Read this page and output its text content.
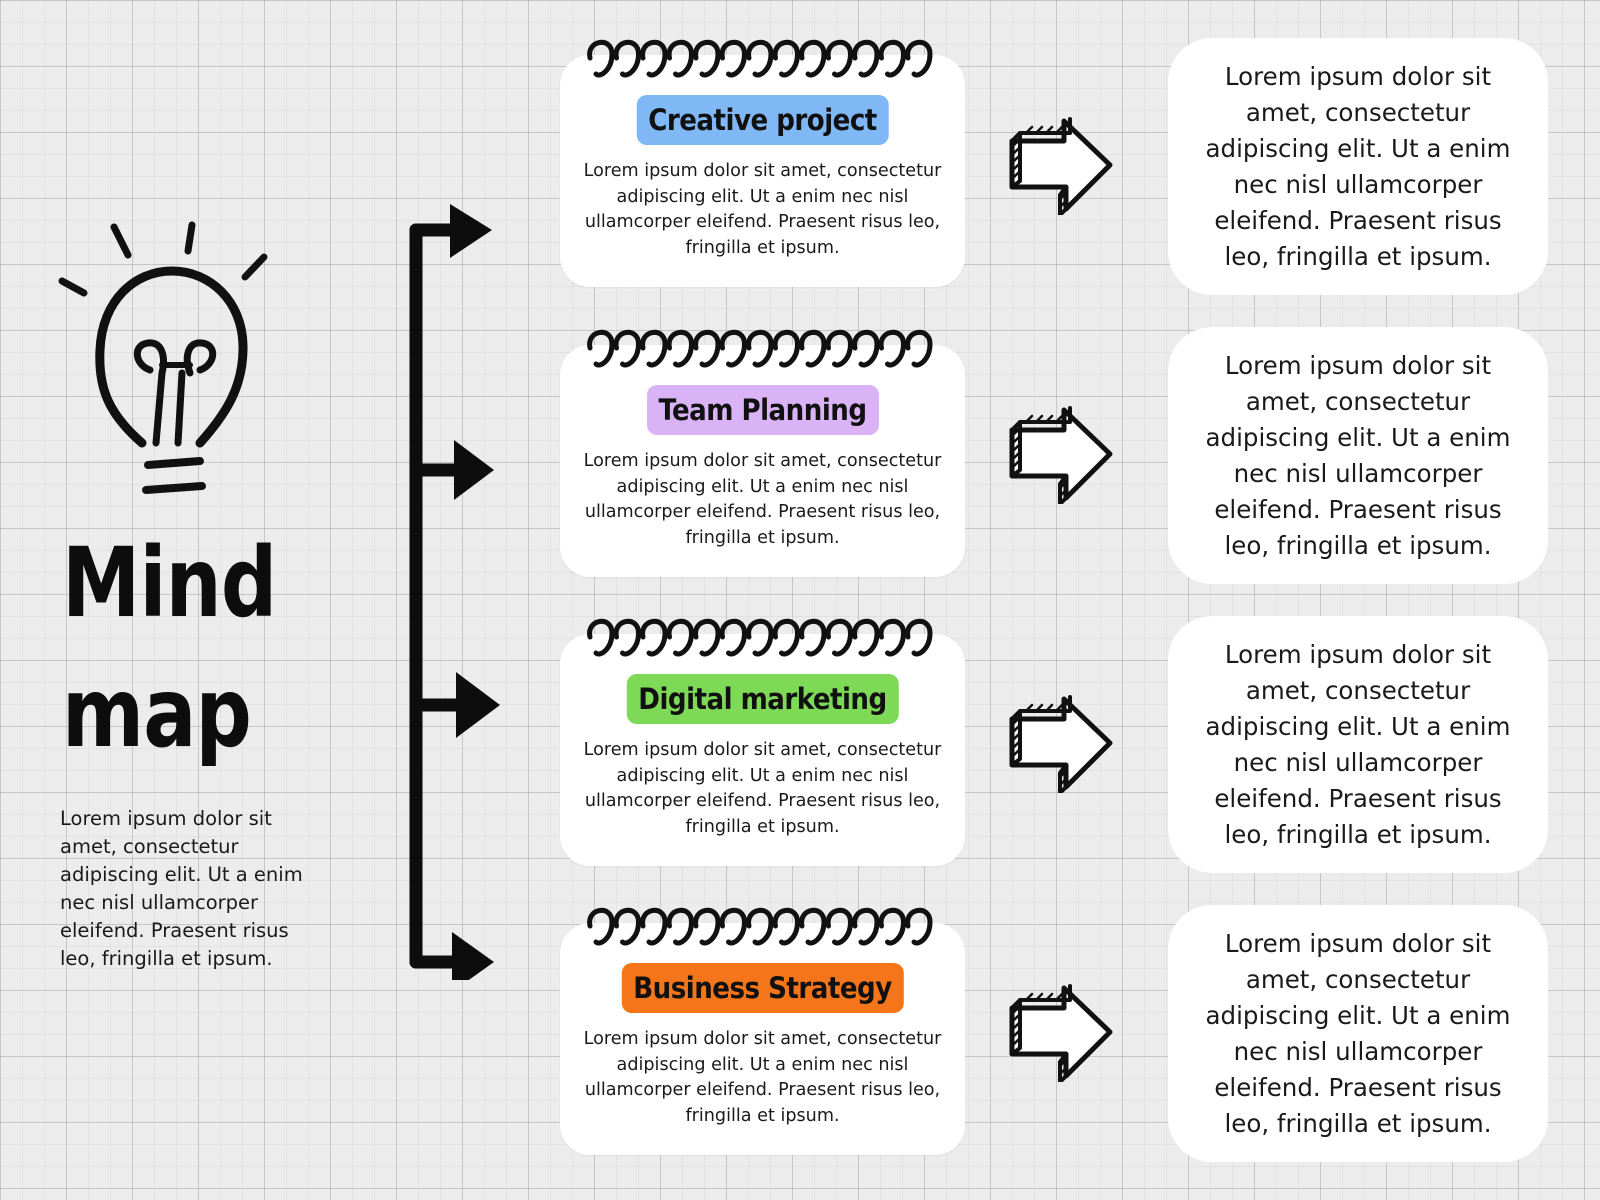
Mind
map
Lorem ipsum dolor sit amet, consectetur adipiscing elit. Ut a enim nec nisl ullamcorper eleifend. Praesent risus leo, fringilla et ipsum.
Creative project
Lorem ipsum dolor sit amet, consectetur adipiscing elit. Ut a enim nec nisl ullamcorper eleifend. Praesent risus leo, fringilla et ipsum.
Team Planning
Lorem ipsum dolor sit amet, consectetur adipiscing elit. Ut a enim nec nisl ullamcorper eleifend. Praesent risus leo, fringilla et ipsum.
Digital marketing
Lorem ipsum dolor sit amet, consectetur adipiscing elit. Ut a enim nec nisl ullamcorper eleifend. Praesent risus leo, fringilla et ipsum.
Business Strategy
Lorem ipsum dolor sit amet, consectetur adipiscing elit. Ut a enim nec nisl ullamcorper eleifend. Praesent risus leo, fringilla et ipsum.
Lorem ipsum dolor sit amet, consectetur adipiscing elit. Ut a enim nec nisl ullamcorper eleifend. Praesent risus leo, fringilla et ipsum.
Lorem ipsum dolor sit amet, consectetur adipiscing elit. Ut a enim nec nisl ullamcorper eleifend. Praesent risus leo, fringilla et ipsum.
Lorem ipsum dolor sit amet, consectetur adipiscing elit. Ut a enim nec nisl ullamcorper eleifend. Praesent risus leo, fringilla et ipsum.
Lorem ipsum dolor sit amet, consectetur adipiscing elit. Ut a enim nec nisl ullamcorper eleifend. Praesent risus leo, fringilla et ipsum.
